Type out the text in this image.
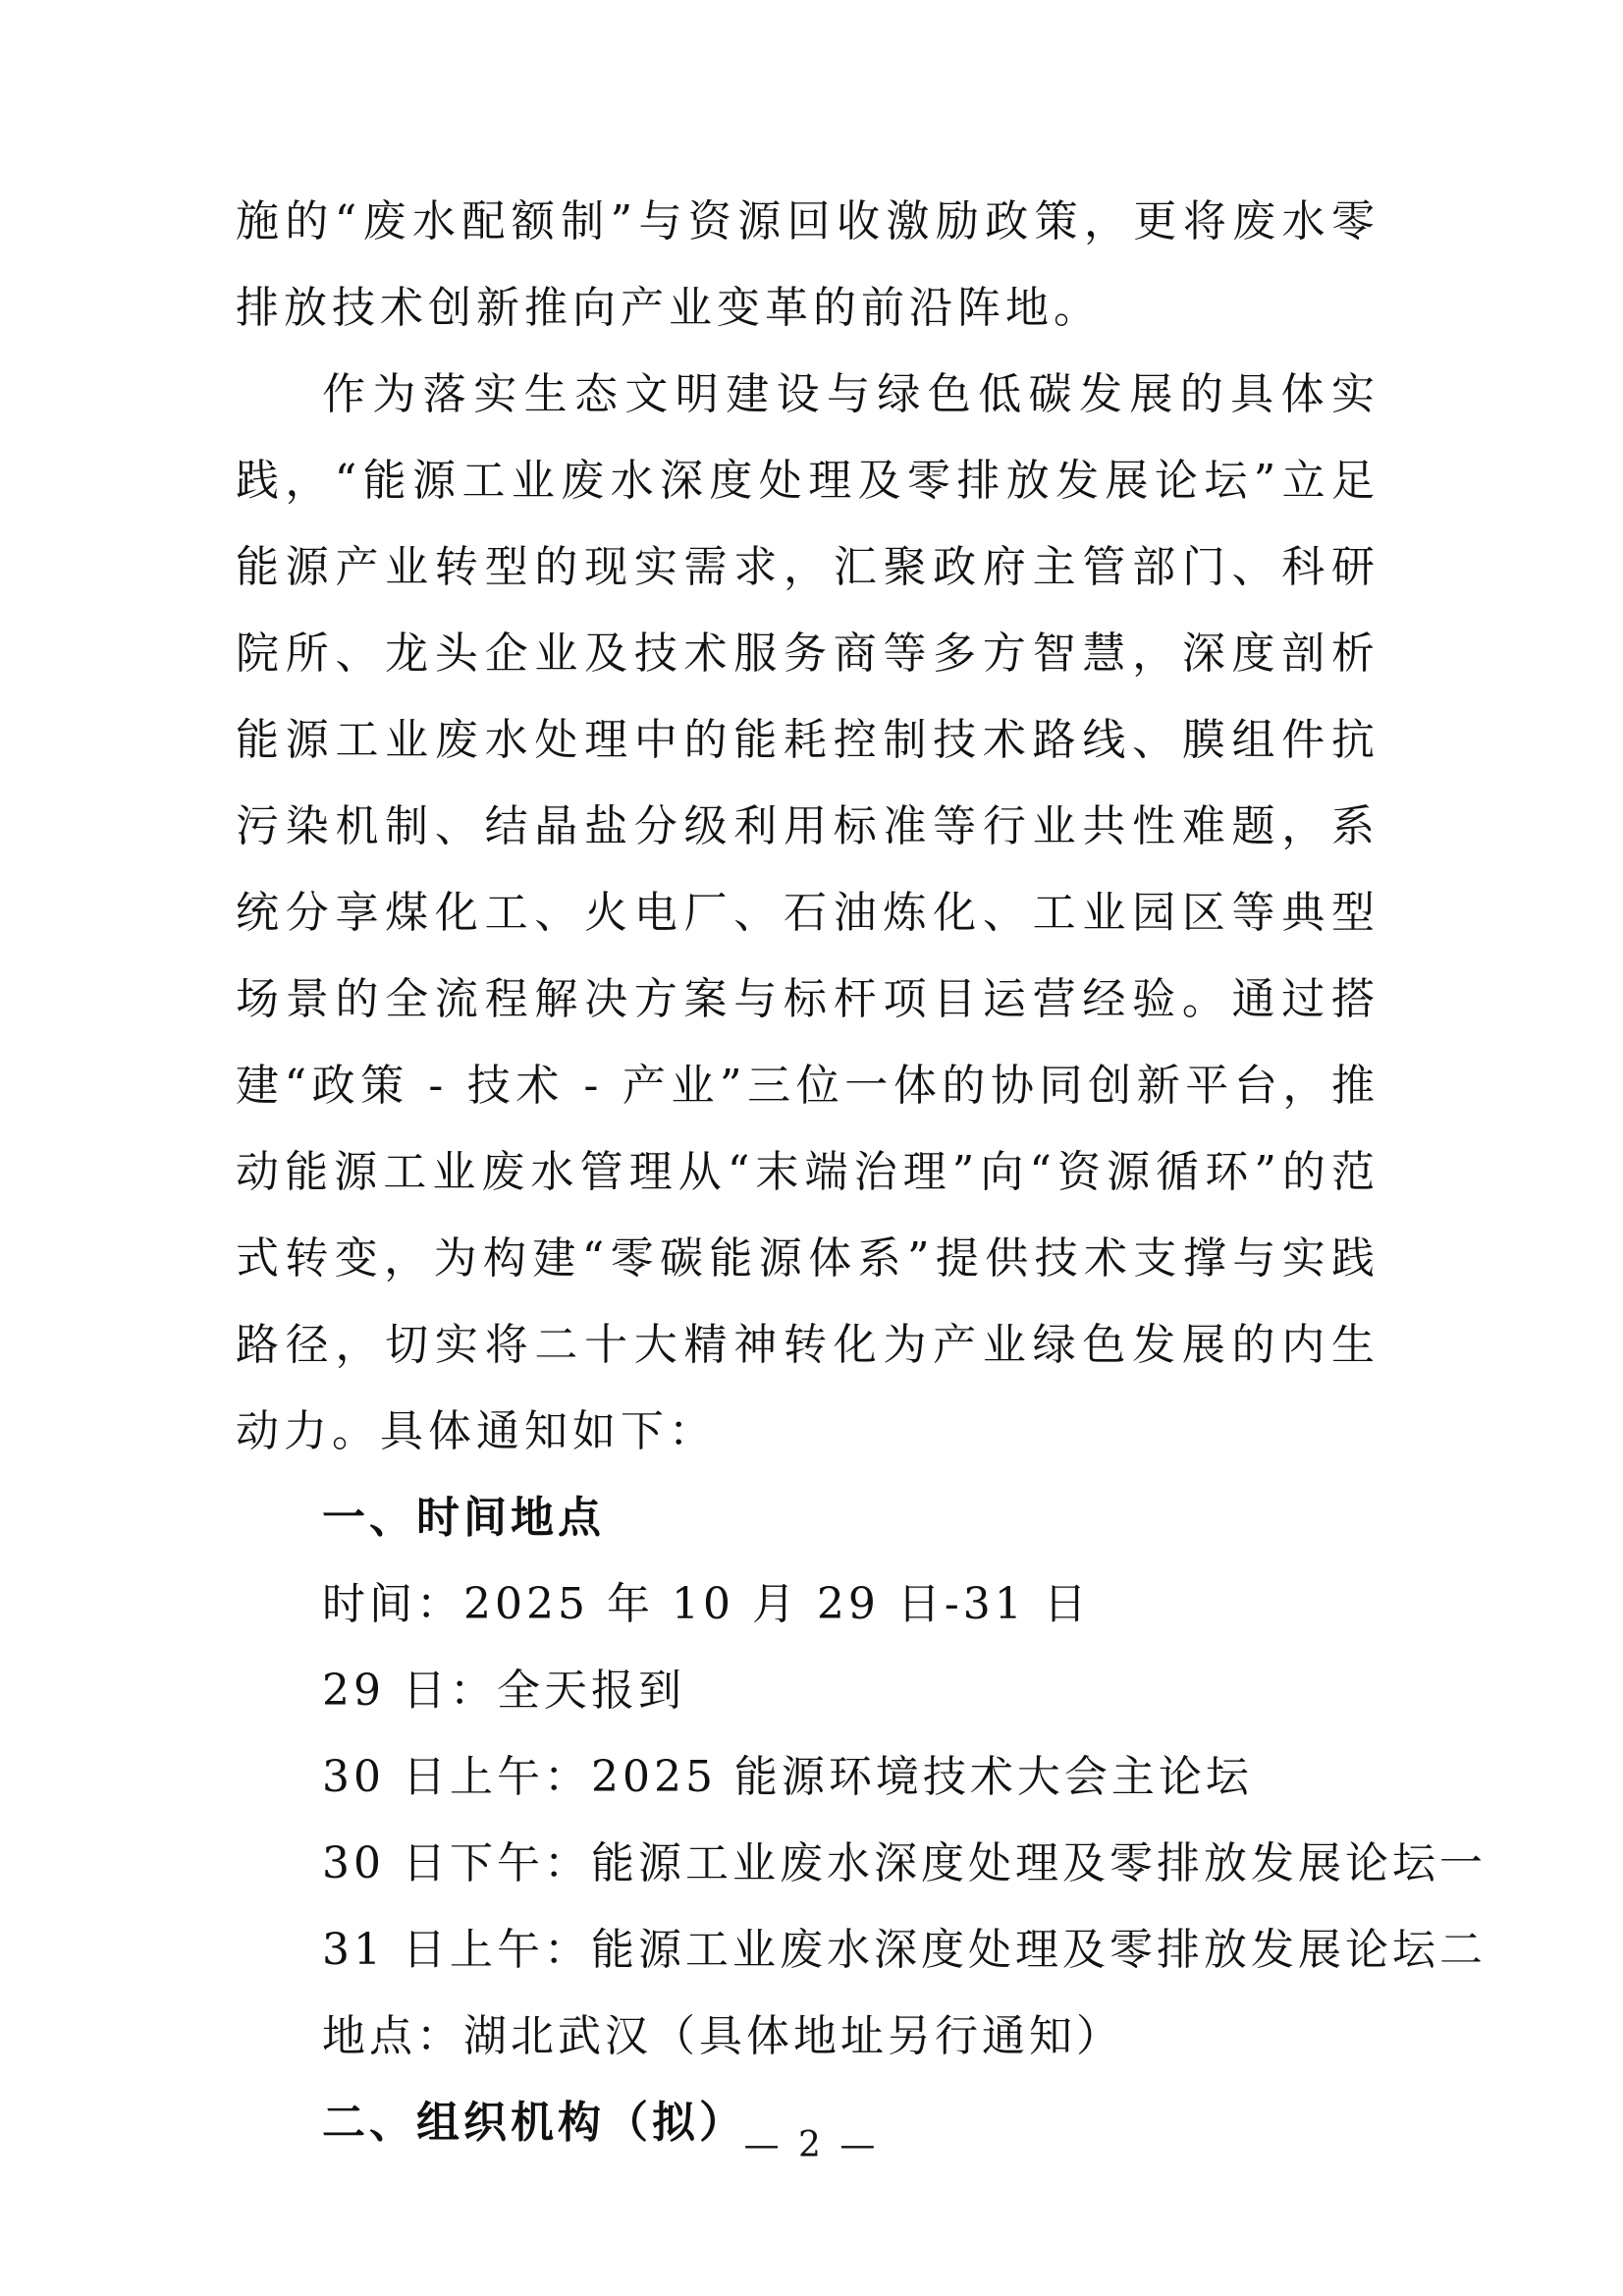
施的“废水配额制”与资源回收激励政策，更将废水零排放技术创新推向产业变革的前沿阵地。

作为落实生态文明建设与绿色低碳发展的具体实践，“能源工业废水深度处理及零排放发展论坛”立足能源产业转型的现实需求，汇聚政府主管部门、科研院所、龙头企业及技术服务商等多方智慧，深度剖析能源工业废水处理中的能耗控制技术路线、膜组件抗污染机制、结晶盐分级利用标准等行业共性难题，系统分享煤化工、火电厂、石油炼化、工业园区等典型场景的全流程解决方案与标杆项目运营经验。通过搭建“政策 - 技术 - 产业”三位一体的协同创新平台，推动能源工业废水管理从“末端治理”向“资源循环”的范式转变，为构建“零碳能源体系”提供技术支撑与实践路径，切实将二十大精神转化为产业绿色发展的内生动力。具体通知如下：

一、时间地点

时间：2025 年 10 月 29 日-31 日

29 日：全天报到

30 日上午：2025 能源环境技术大会主论坛

30 日下午：能源工业废水深度处理及零排放发展论坛一

31 日上午：能源工业废水深度处理及零排放发展论坛二

地点：湖北武汉（具体地址另行通知）

二、组织机构（拟）

— 2 —
